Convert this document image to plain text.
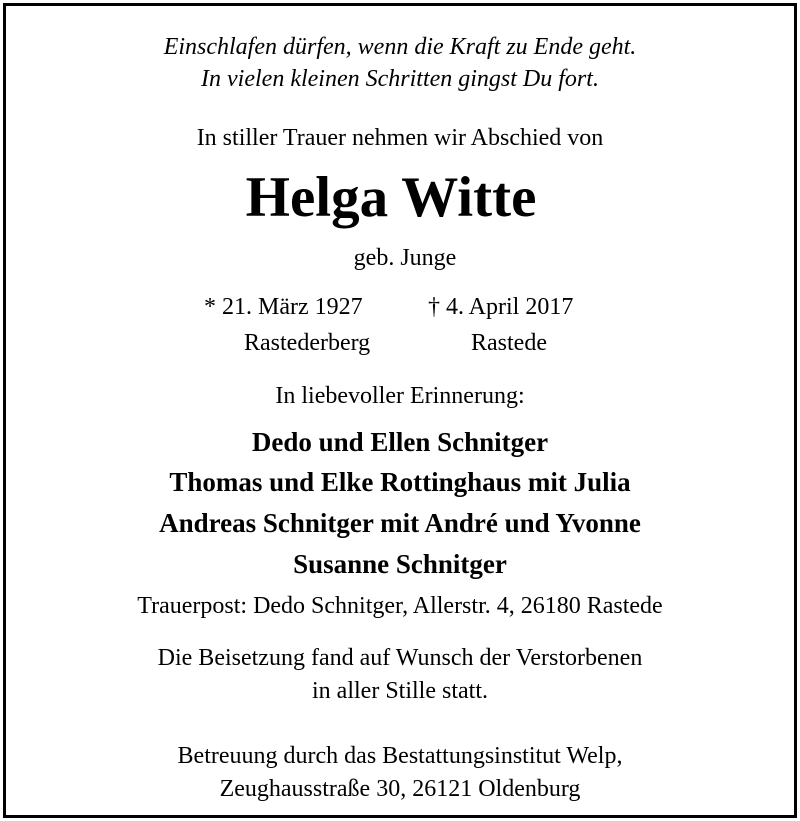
Einschlafen dürfen, wenn die Kraft zu Ende geht.
In vielen kleinen Schritten gingst Du fort.
In stiller Trauer nehmen wir Abschied von
Helga Witte
geb. Junge
* 21. März 1927	† 4. April 2017
Rastederberg	Rastede
In liebevoller Erinnerung:
Dedo und Ellen Schnitger
Thomas und Elke Rottinghaus mit Julia
Andreas Schnitger mit André und Yvonne
Susanne Schnitger
Trauerpost: Dedo Schnitger, Allerstr. 4, 26180 Rastede
Die Beisetzung fand auf Wunsch der Verstorbenen
in aller Stille statt.
Betreuung durch das Bestattungsinstitut Welp,
Zeughausstraße 30, 26121 Oldenburg
